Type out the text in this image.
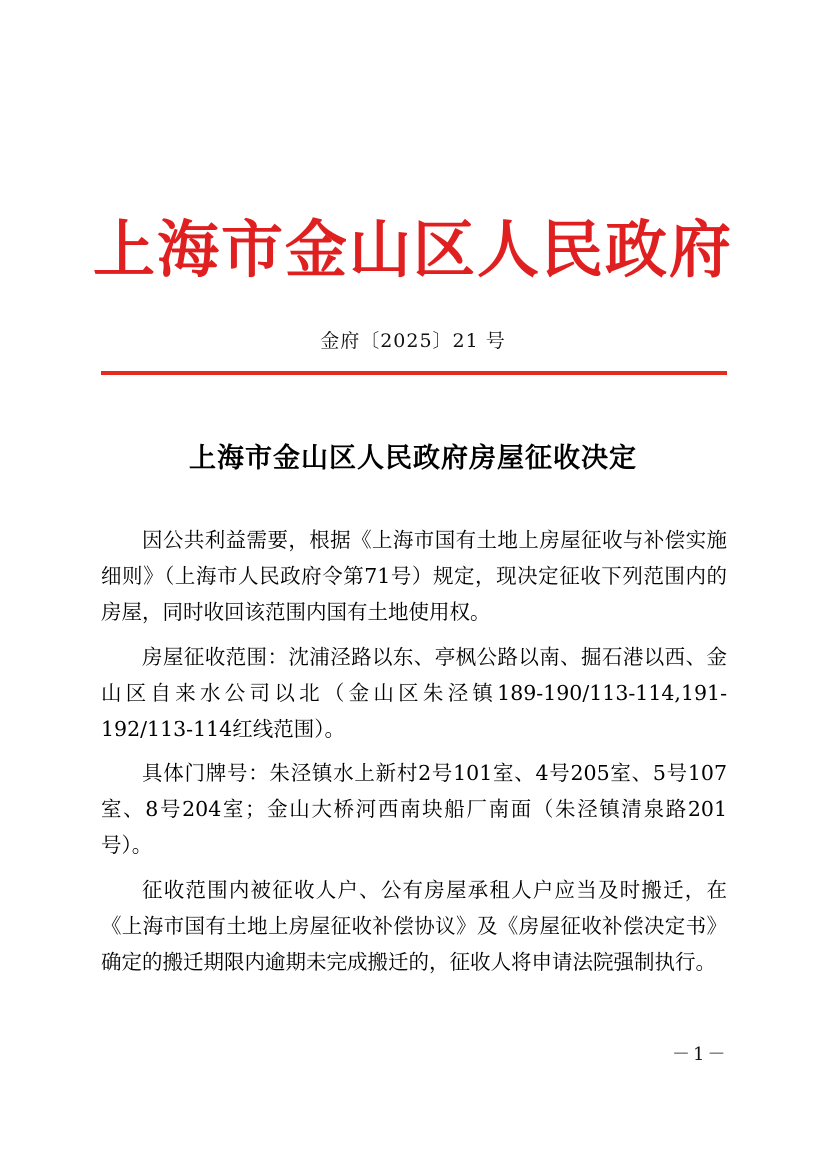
上海市金山区人民政府
金府〔2025〕21 号
上海市金山区人民政府房屋征收决定

因公共利益需要，根据《上海市国有土地上房屋征收与补偿实施细则》（上海市人民政府令第71号）规定，现决定征收下列范围内的房屋，同时收回该范围内国有土地使用权。

房屋征收范围：沈浦泾路以东、亭枫公路以南、掘石港以西、金山区自来水公司以北（金山区朱泾镇189-190/113-114,191-192/113-114红线范围）。

具体门牌号：朱泾镇水上新村2号101室、4号205室、5号107室、8号204室；金山大桥河西南块船厂南面（朱泾镇清泉路201号）。

征收范围内被征收人户、公有房屋承租人户应当及时搬迁，在《上海市国有土地上房屋征收补偿协议》及《房屋征收补偿决定书》确定的搬迁期限内逾期未完成搬迁的，征收人将申请法院强制执行。

－1－
